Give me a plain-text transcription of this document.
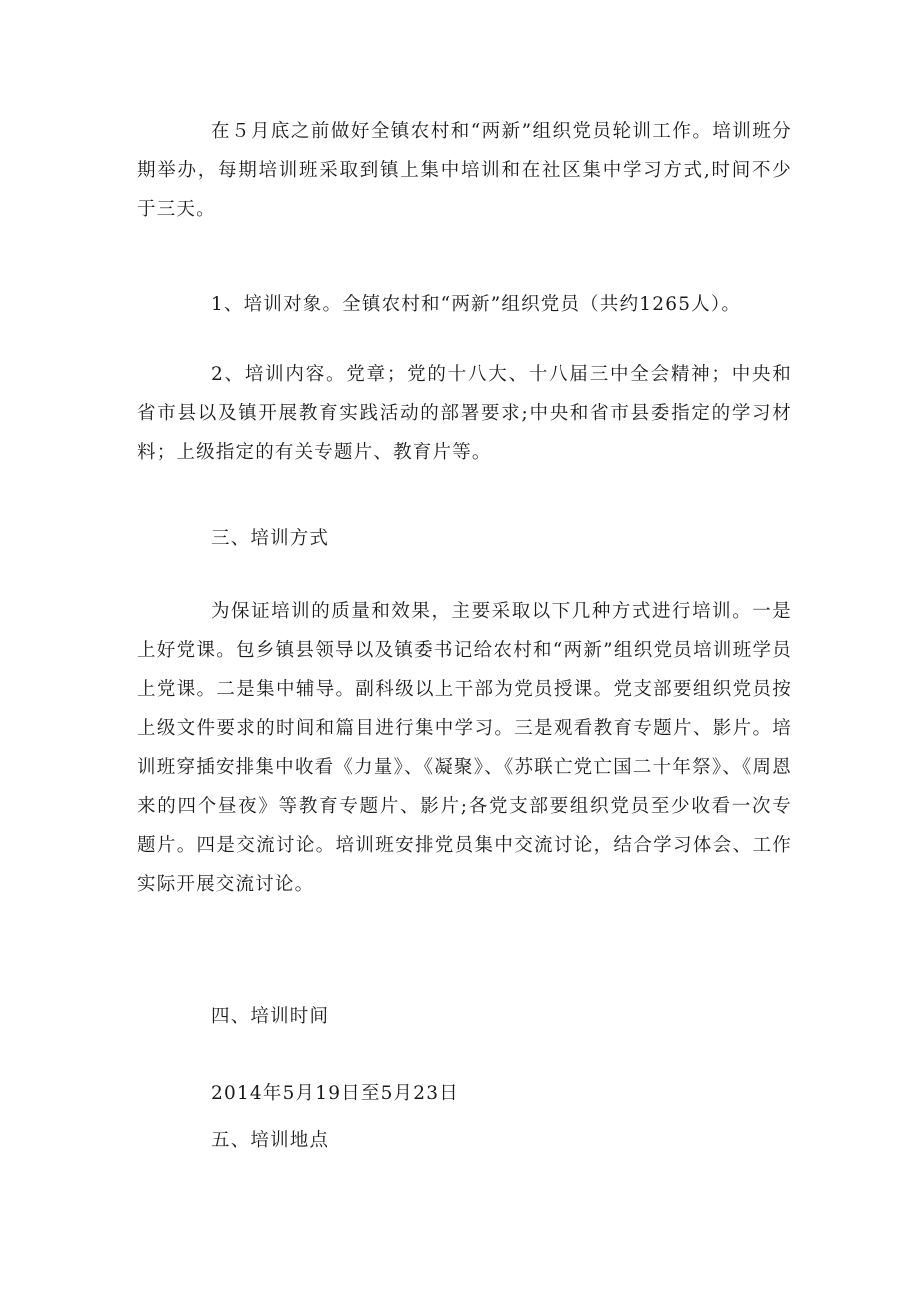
在５月底之前做好全镇农村和“两新”组织党员轮训工作。培训班分期举办，每期培训班采取到镇上集中培训和在社区集中学习方式,时间不少于三天。

1、培训对象。全镇农村和“两新”组织党员（共约1265人）。

2、培训内容。党章；党的十八大、十八届三中全会精神；中央和省市县以及镇开展教育实践活动的部署要求;中央和省市县委指定的学习材料；上级指定的有关专题片、教育片等。

三、培训方式

为保证培训的质量和效果，主要采取以下几种方式进行培训。一是上好党课。包乡镇县领导以及镇委书记给农村和“两新”组织党员培训班学员上党课。二是集中辅导。副科级以上干部为党员授课。党支部要组织党员按上级文件要求的时间和篇目进行集中学习。三是观看教育专题片、影片。培训班穿插安排集中收看《力量》、《凝聚》、《苏联亡党亡国二十年祭》、《周恩来的四个昼夜》等教育专题片、影片;各党支部要组织党员至少收看一次专题片。四是交流讨论。培训班安排党员集中交流讨论，结合学习体会、工作实际开展交流讨论。

四、培训时间

2014年5月19日至5月23日

五、培训地点
